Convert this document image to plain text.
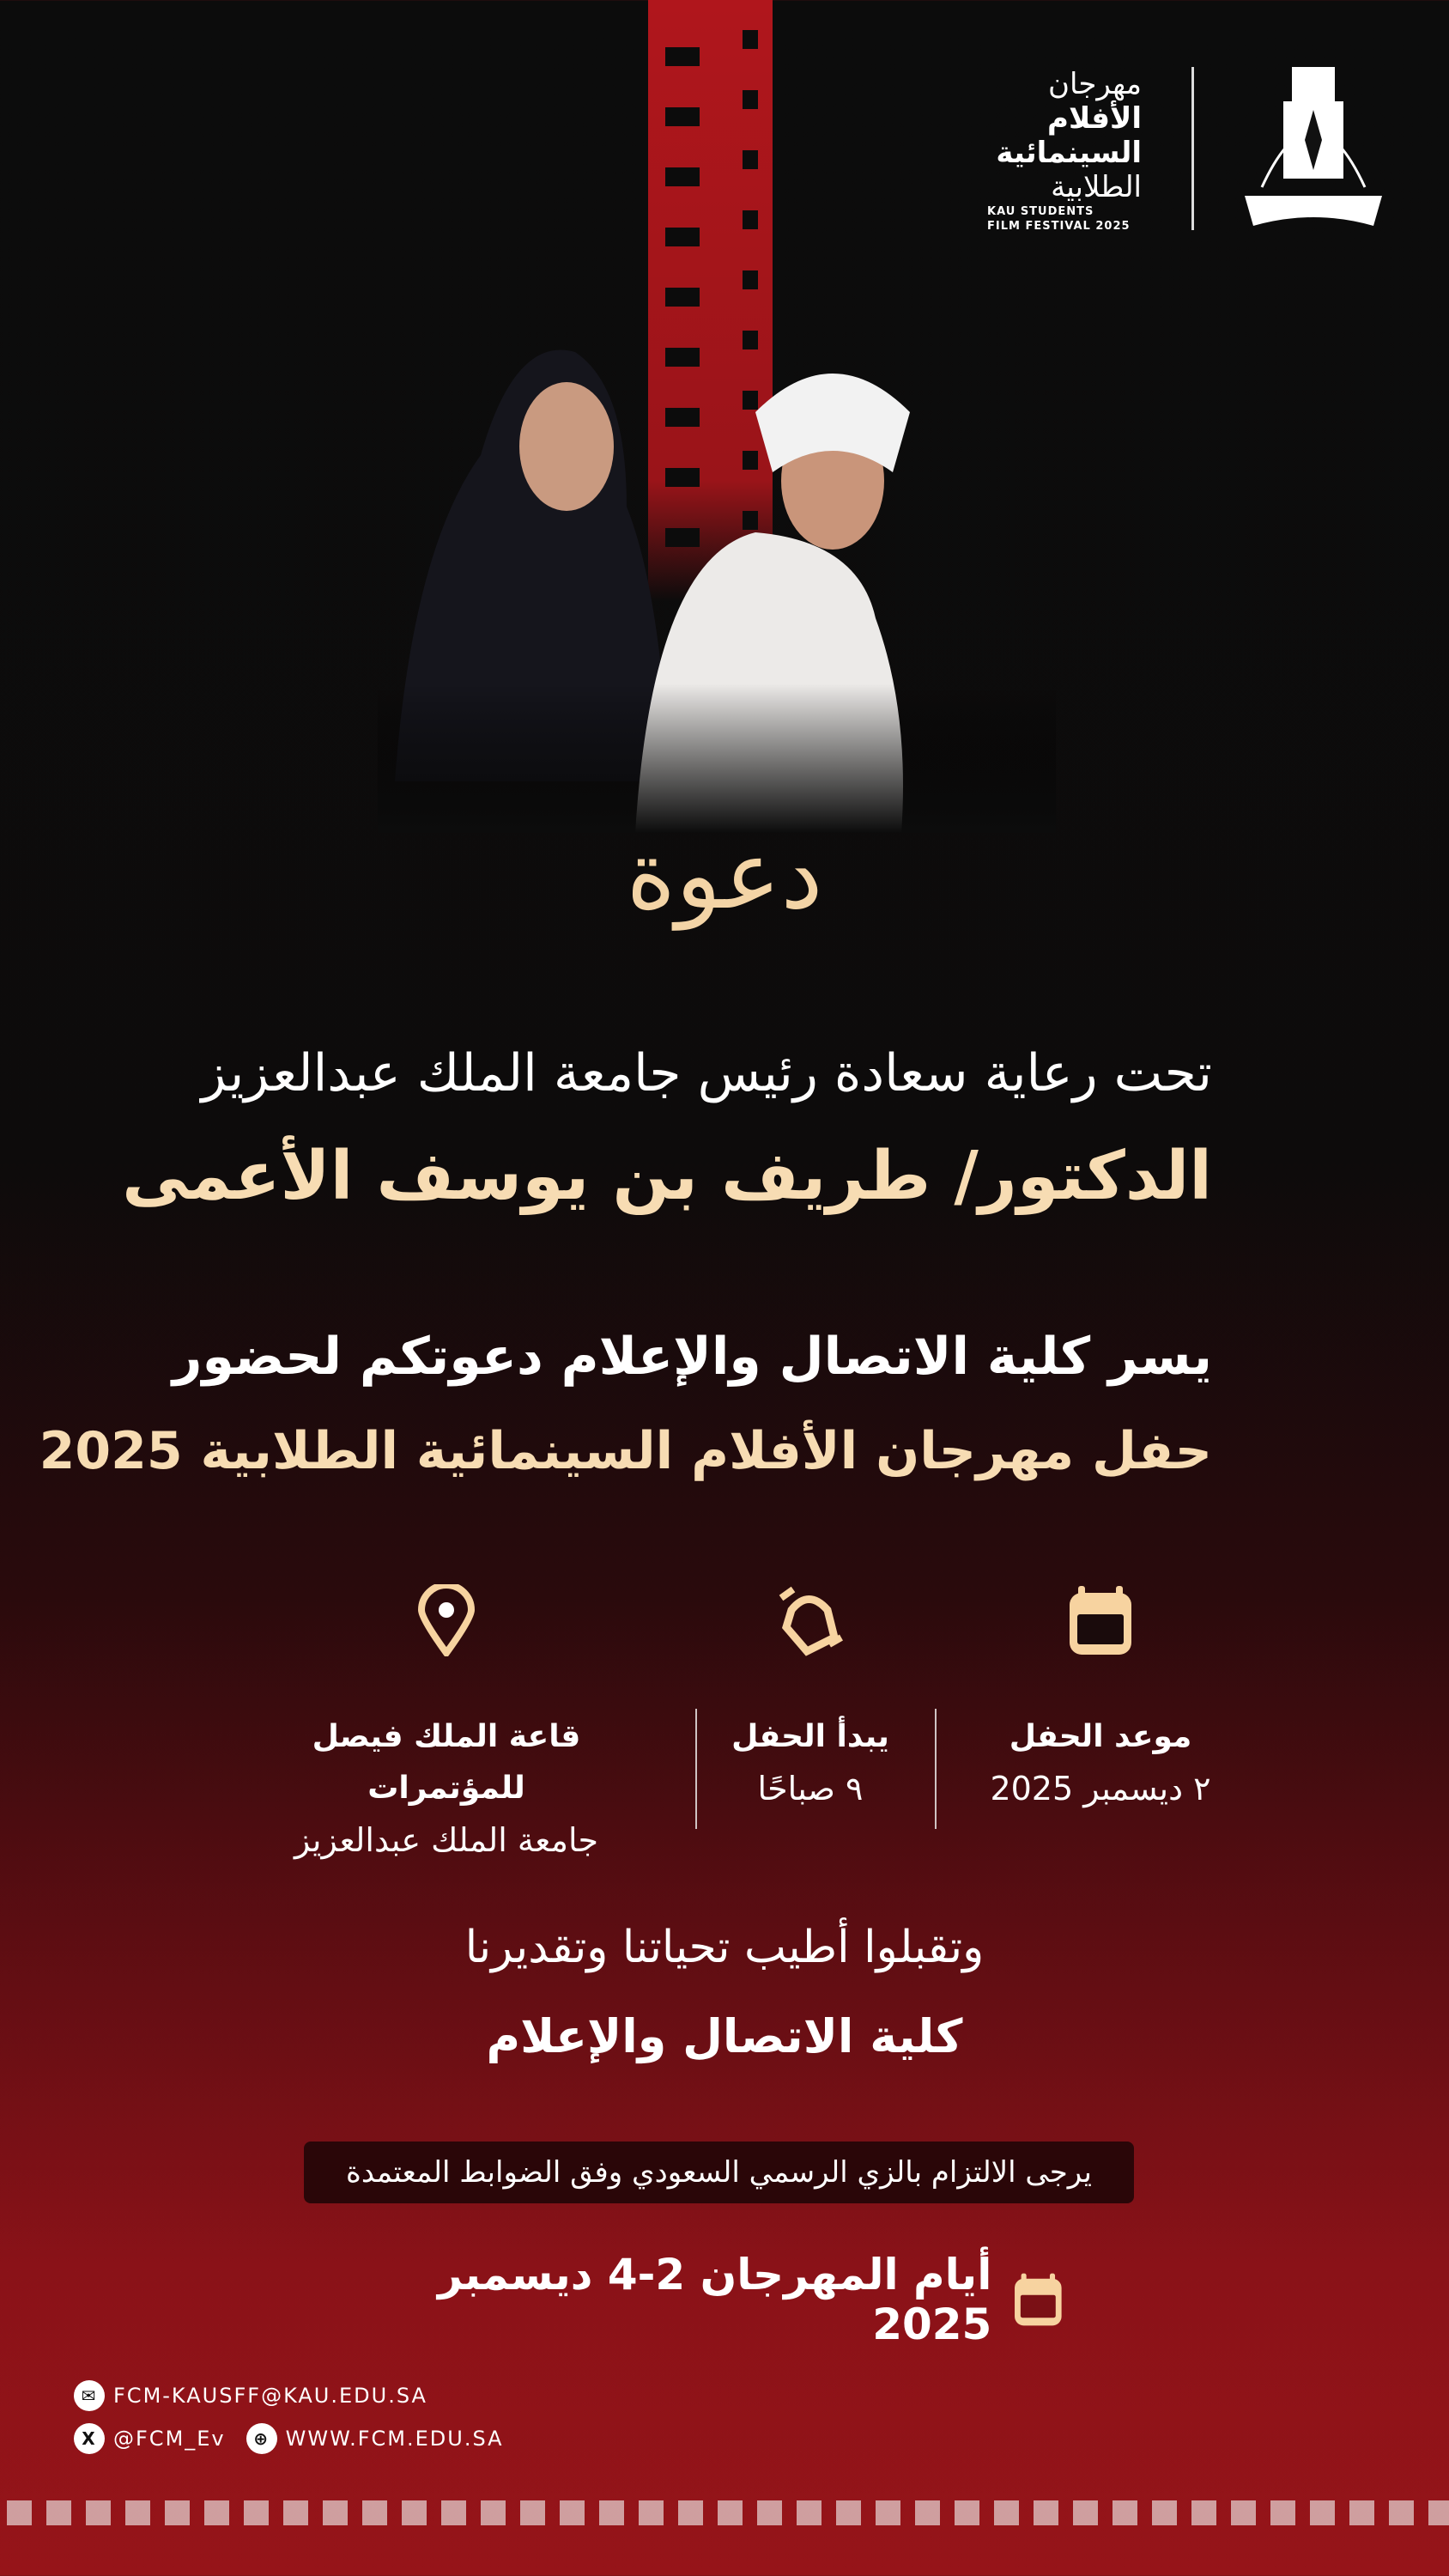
مهرجان
الأفلام
السينمائية
الطلابية
KAU STUDENTS
FILM FESTIVAL 2025
دعوة
تحت رعاية سعادة رئيس جامعة الملك عبدالعزيز
الدكتور/ طريف بن يوسف الأعمى
يسر كلية الاتصال والإعلام دعوتكم لحضور
حفل مهرجان الأفلام السينمائية الطلابية 2025
موعد الحفل
٢ ديسمبر 2025
يبدأ الحفل
٩ صباحًا
قاعة الملك فيصل للمؤتمرات
جامعة الملك عبدالعزيز
وتقبلوا أطيب تحياتنا وتقديرنا
كلية الاتصال والإعلام
يرجى الالتزام بالزي الرسمي السعودي وفق الضوابط المعتمدة
أيام المهرجان 2-4 ديسمبر 2025
✉ FCM-KAUSFF@KAU.EDU.SA
X @FCM_Ev	⊕ WWW.FCM.EDU.SA
